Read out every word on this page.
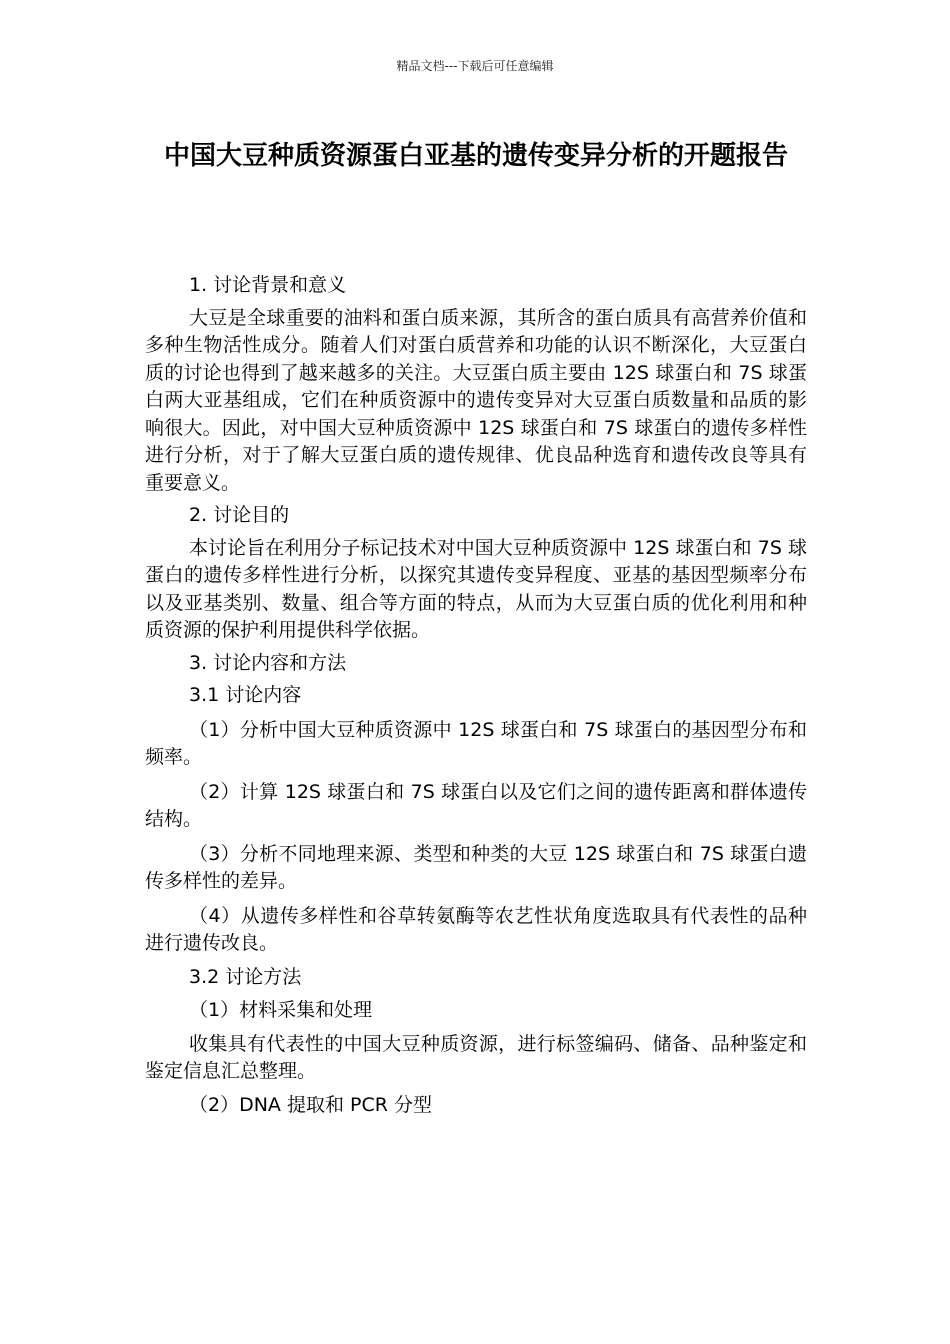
精品文档---下载后可任意编辑
中国大豆种质资源蛋白亚基的遗传变异分析的开题报告

1. 讨论背景和意义

大豆是全球重要的油料和蛋白质来源，其所含的蛋白质具有高营养价值和多种生物活性成分。随着人们对蛋白质营养和功能的认识不断深化，大豆蛋白质的讨论也得到了越来越多的关注。大豆蛋白质主要由 12S 球蛋白和 7S 球蛋白两大亚基组成，它们在种质资源中的遗传变异对大豆蛋白质数量和品质的影响很大。因此，对中国大豆种质资源中 12S 球蛋白和 7S 球蛋白的遗传多样性进行分析，对于了解大豆蛋白质的遗传规律、优良品种选育和遗传改良等具有重要意义。

2. 讨论目的

本讨论旨在利用分子标记技术对中国大豆种质资源中 12S 球蛋白和 7S 球蛋白的遗传多样性进行分析，以探究其遗传变异程度、亚基的基因型频率分布以及亚基类别、数量、组合等方面的特点，从而为大豆蛋白质的优化利用和种质资源的保护利用提供科学依据。

3. 讨论内容和方法

3.1 讨论内容

（1）分析中国大豆种质资源中 12S 球蛋白和 7S 球蛋白的基因型分布和频率。

（2）计算 12S 球蛋白和 7S 球蛋白以及它们之间的遗传距离和群体遗传结构。

（3）分析不同地理来源、类型和种类的大豆 12S 球蛋白和 7S 球蛋白遗传多样性的差异。

（4）从遗传多样性和谷草转氨酶等农艺性状角度选取具有代表性的品种进行遗传改良。

3.2 讨论方法

（1）材料采集和处理

收集具有代表性的中国大豆种质资源，进行标签编码、储备、品种鉴定和鉴定信息汇总整理。

（2）DNA 提取和 PCR 分型
